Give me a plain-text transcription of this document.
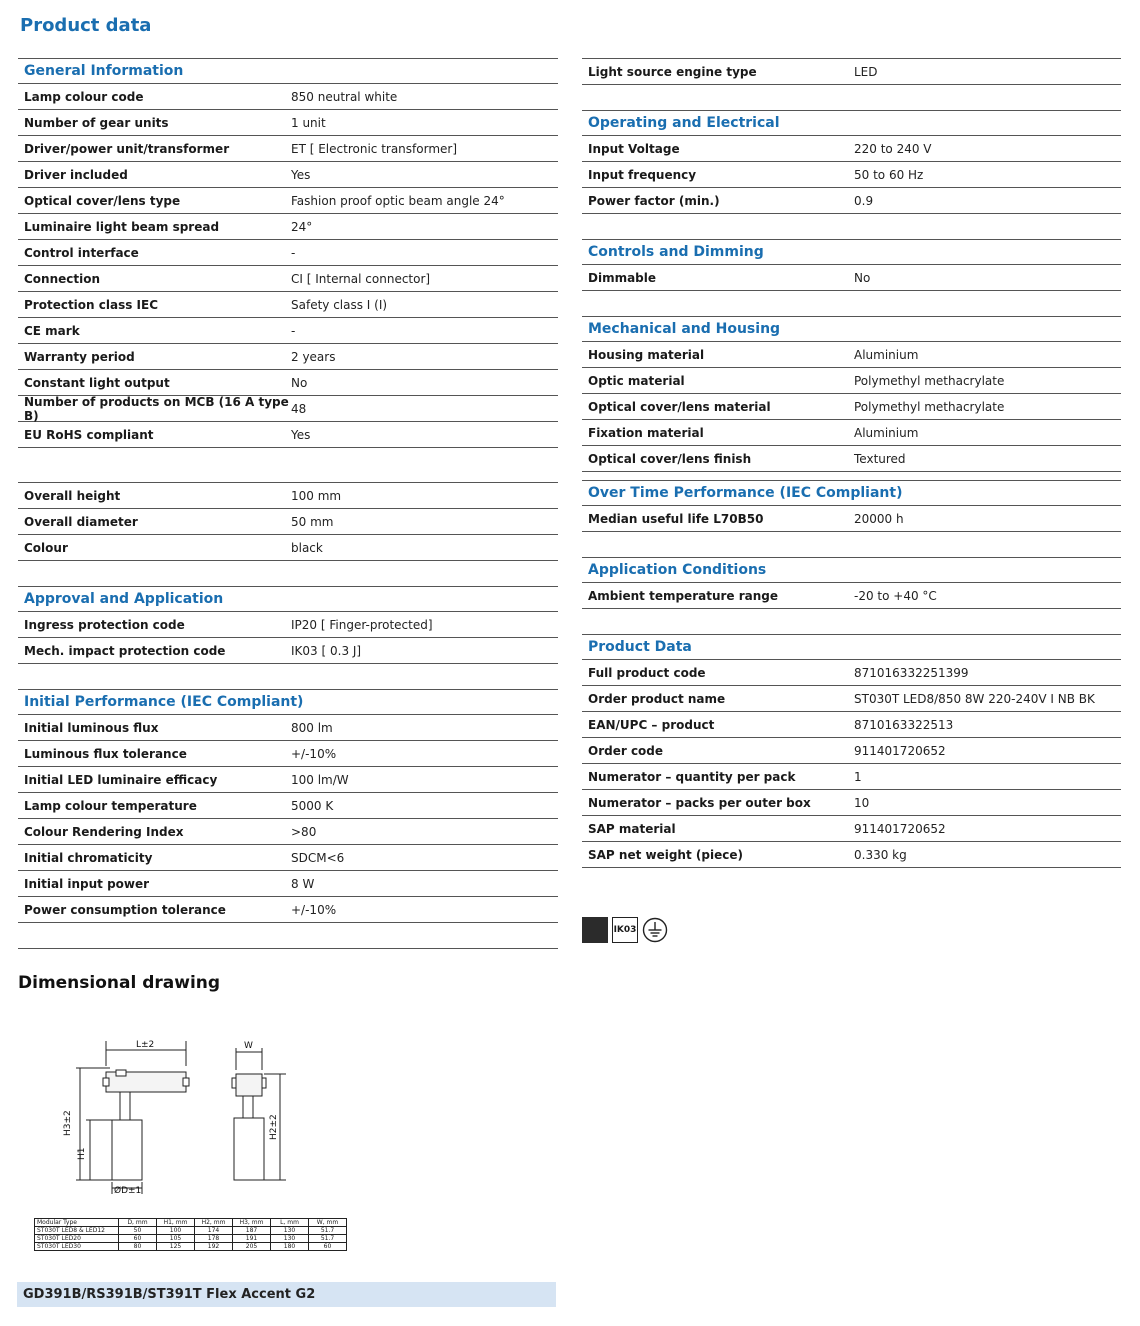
Product data
General Information
Lamp colour code	850 neutral white
Number of gear units	1 unit
Driver/power unit/transformer	ET [ Electronic transformer]
Driver included	Yes
Optical cover/lens type	Fashion proof optic beam angle 24°
Luminaire light beam spread	24°
Control interface	-
Connection	CI [ Internal connector]
Protection class IEC	Safety class I (I)
CE mark	-
Warranty period	2 years
Constant light output	No
Number of products on MCB (16 A type B)	48
EU RoHS compliant	Yes
Overall height	100 mm
Overall diameter	50 mm
Colour	black
Approval and Application
Ingress protection code	IP20 [ Finger-protected]
Mech. impact protection code	IK03 [ 0.3 J]
Initial Performance (IEC Compliant)
Initial luminous flux	800 lm
Luminous flux tolerance	+/-10%
Initial LED luminaire efficacy	100 lm/W
Lamp colour temperature	5000 K
Colour Rendering Index	>80
Initial chromaticity	SDCM<6
Initial input power	8 W
Power consumption tolerance	+/-10%
Light source engine type	LED
Operating and Electrical
Input Voltage	220 to 240 V
Input frequency	50 to 60 Hz
Power factor (min.)	0.9
Controls and Dimming
Dimmable	No
Mechanical and Housing
Housing material	Aluminium
Optic material	Polymethyl methacrylate
Optical cover/lens material	Polymethyl methacrylate
Fixation material	Aluminium
Optical cover/lens finish	Textured
Over Time Performance (IEC Compliant)
Median useful life L70B50	20000 h
Application Conditions
Ambient temperature range	-20 to +40 °C
Product Data
Full product code	871016332251399
Order product name	ST030T LED8/850 8W 220-240V I NB BK
EAN/UPC – product	8710163322513
Order code	911401720652
Numerator – quantity per pack	1
Numerator – packs per outer box	10
SAP material	911401720652
SAP net weight (piece)	0.330 kg
IK03
Dimensional drawing
L±2	W
H3±2
H1
H2±2
ØD±1
Modular Type	D, mm	H1, mm	H2, mm	H3, mm	L, mm	W, mm
ST030T LED8 & LED12	50	100	174	187	130	51.7
ST030T LED20	60	105	178	191	130	51.7
ST030T LED30	80	125	192	205	180	60
GD391B/RS391B/ST391T Flex Accent G2
